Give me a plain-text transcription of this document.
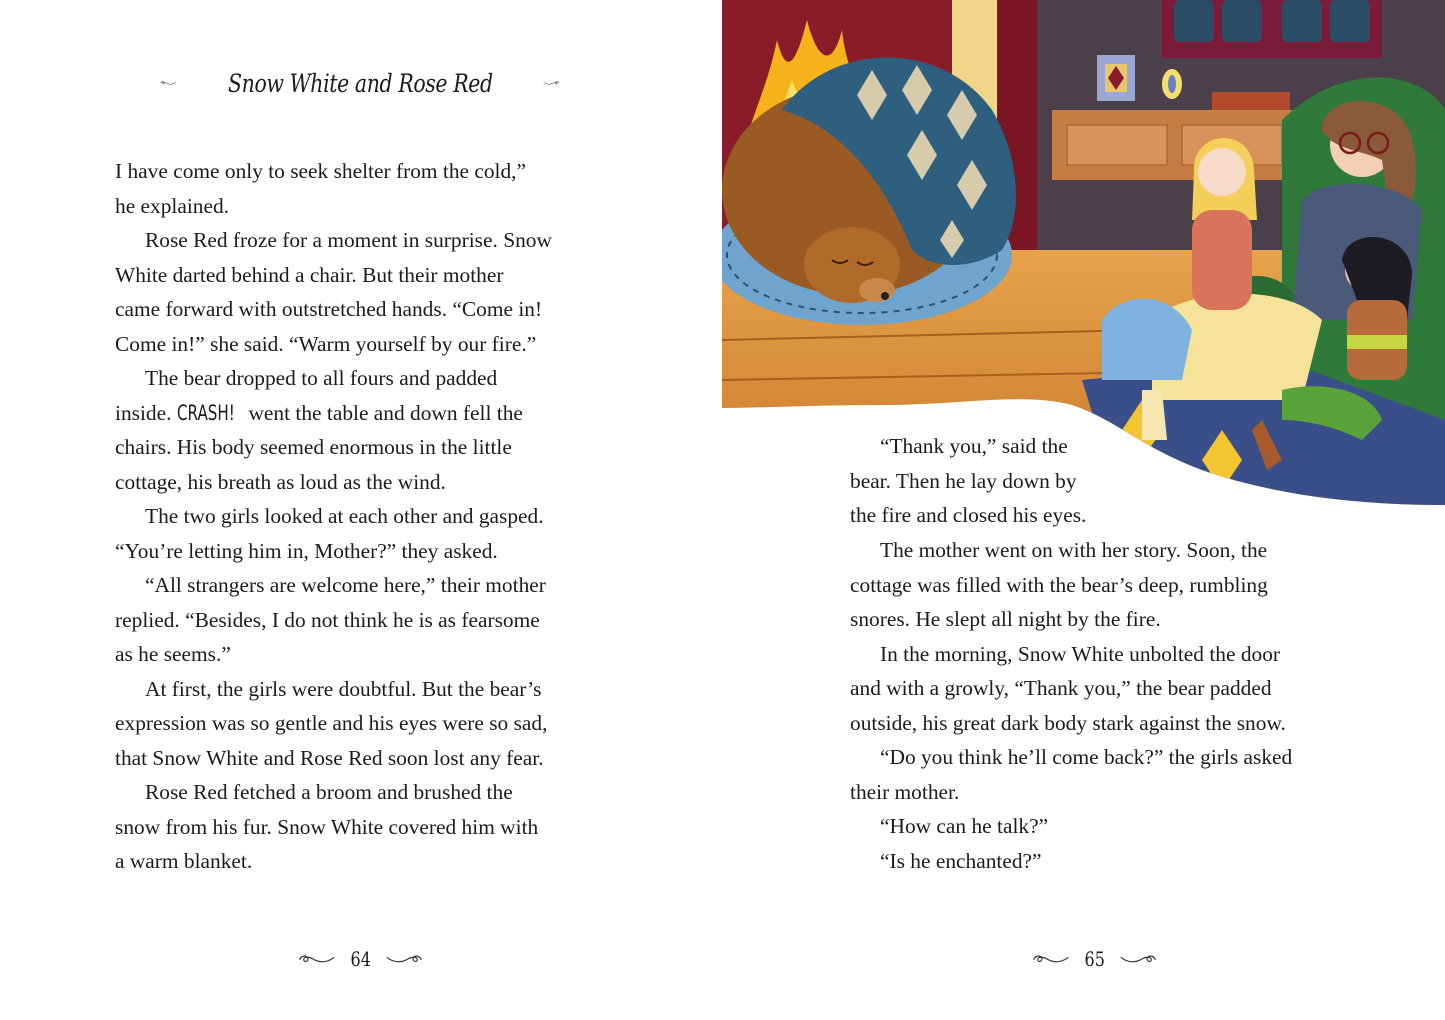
Snow White and Rose Red

I have come only to seek shelter from the cold,”

he explained.

Rose Red froze for a moment in surprise. Snow

White darted behind a chair. But their mother

came forward with outstretched hands. “Come in!

Come in!” she said. “Warm yourself by our fire.”

The bear dropped to all fours and padded

inside. CRASH! went the table and down fell the

chairs. His body seemed enormous in the little

cottage, his breath as loud as the wind.

The two girls looked at each other and gasped.

“You’re letting him in, Mother?” they asked.

“All strangers are welcome here,” their mother

replied. “Besides, I do not think he is as fearsome

as he seems.”

At first, the girls were doubtful. But the bear’s

expression was so gentle and his eyes were so sad,

that Snow White and Rose Red soon lost any fear.

Rose Red fetched a broom and brushed the

snow from his fur. Snow White covered him with

a warm blanket.

64

“Thank you,” said the

bear. Then he lay down by

the fire and closed his eyes.

The mother went on with her story. Soon, the

cottage was filled with the bear’s deep, rumbling

snores. He slept all night by the fire.

In the morning, Snow White unbolted the door

and with a growly, “Thank you,” the bear padded

outside, his great dark body stark against the snow.

“Do you think he’ll come back?” the girls asked

their mother.

“How can he talk?”

“Is he enchanted?”

65
